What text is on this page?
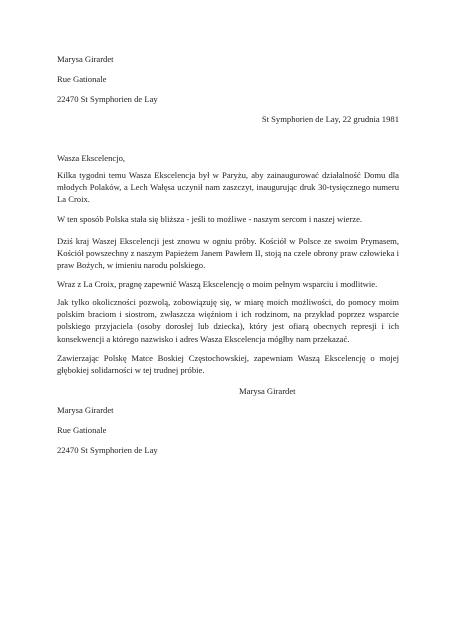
Marysa Girardet
Rue Gationale
22470 St Symphorien de Lay
St Symphorien de Lay, 22 grudnia 1981
Wasza Ekscelencjo,
Kilka tygodni temu Wasza Ekscelencja był w Paryżu, aby zainaugurować działalność Domu dla młodych Polaków, a Lech Wałęsa uczynił nam zaszczyt, inaugurując druk 30-tysięcznego numeru La Croix.
W ten sposób Polska stała się bliższa - jeśli to możliwe - naszym sercom i naszej wierze.
Dziś kraj Waszej Ekscelencji jest znowu w ogniu próby. Kościół w Polsce ze swoim Prymasem, Kościół powszechny z naszym Papieżem Janem Pawłem II, stoją na czele obrony praw człowieka i praw Bożych, w imieniu narodu polskiego.
Wraz z La Croix, pragnę zapewnić Waszą Ekscelencję o moim pełnym wsparciu i modlitwie.
Jak tylko okoliczności pozwolą, zobowiązuję się, w miarę moich możliwości, do pomocy moim polskim braciom i siostrom, zwłaszcza więźniom i ich rodzinom, na przykład poprzez wsparcie polskiego przyjaciela (osoby dorosłej lub dziecka), który jest ofiarą obecnych represji i ich konsekwencji a którego nazwisko i adres Wasza Ekscelencja mógłby nam przekazać.
Zawierzając Polskę Matce Boskiej Częstochowskiej, zapewniam Waszą Ekscelencję o mojej głębokiej solidarności w tej trudnej próbie.
Marysa Girardet
Marysa Girardet
Rue Gationale
22470 St Symphorien de Lay
